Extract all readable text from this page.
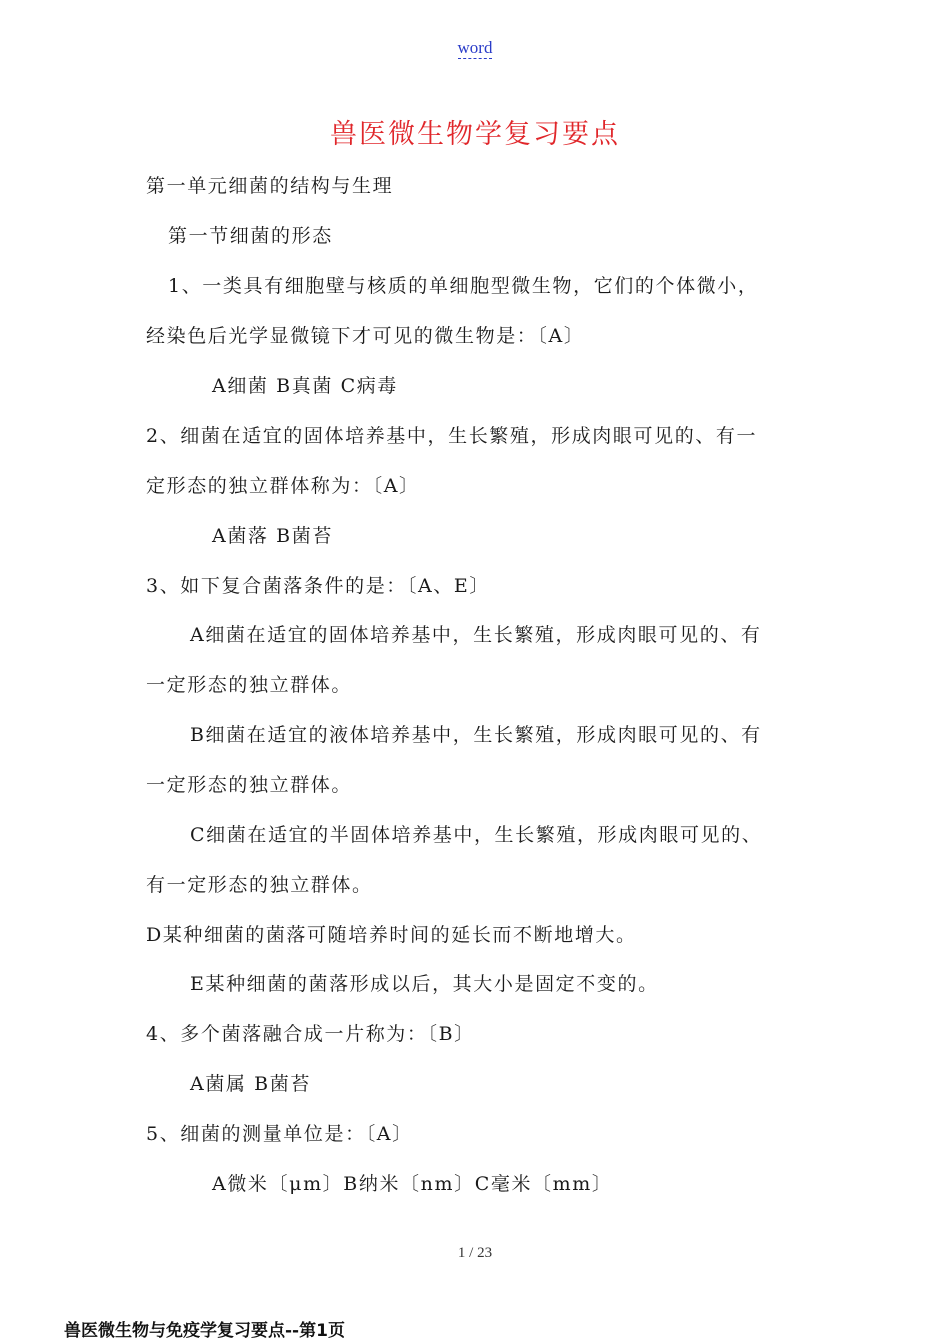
word
兽医微生物学复习要点
第一单元细菌的结构与生理
第一节细菌的形态
1、一类具有细胞壁与核质的单细胞型微生物，它们的个体微小，
经染色后光学显微镜下才可见的微生物是：〔A〕
A细菌 B真菌 C病毒
2、细菌在适宜的固体培养基中，生长繁殖，形成肉眼可见的、有一
定形态的独立群体称为：〔A〕
A菌落 B菌苔
3、如下复合菌落条件的是：〔A、E〕
A细菌在适宜的固体培养基中，生长繁殖，形成肉眼可见的、有
一定形态的独立群体。
B细菌在适宜的液体培养基中，生长繁殖，形成肉眼可见的、有
一定形态的独立群体。
C细菌在适宜的半固体培养基中，生长繁殖，形成肉眼可见的、
有一定形态的独立群体。
D某种细菌的菌落可随培养时间的延长而不断地增大。
E某种细菌的菌落形成以后，其大小是固定不变的。
4、多个菌落融合成一片称为：〔B〕
A菌属 B菌苔
5、细菌的测量单位是：〔A〕
A微米〔μm〕B纳米〔nm〕C毫米〔mm〕
1 / 23
兽医微生物与免疫学复习要点--第1页
